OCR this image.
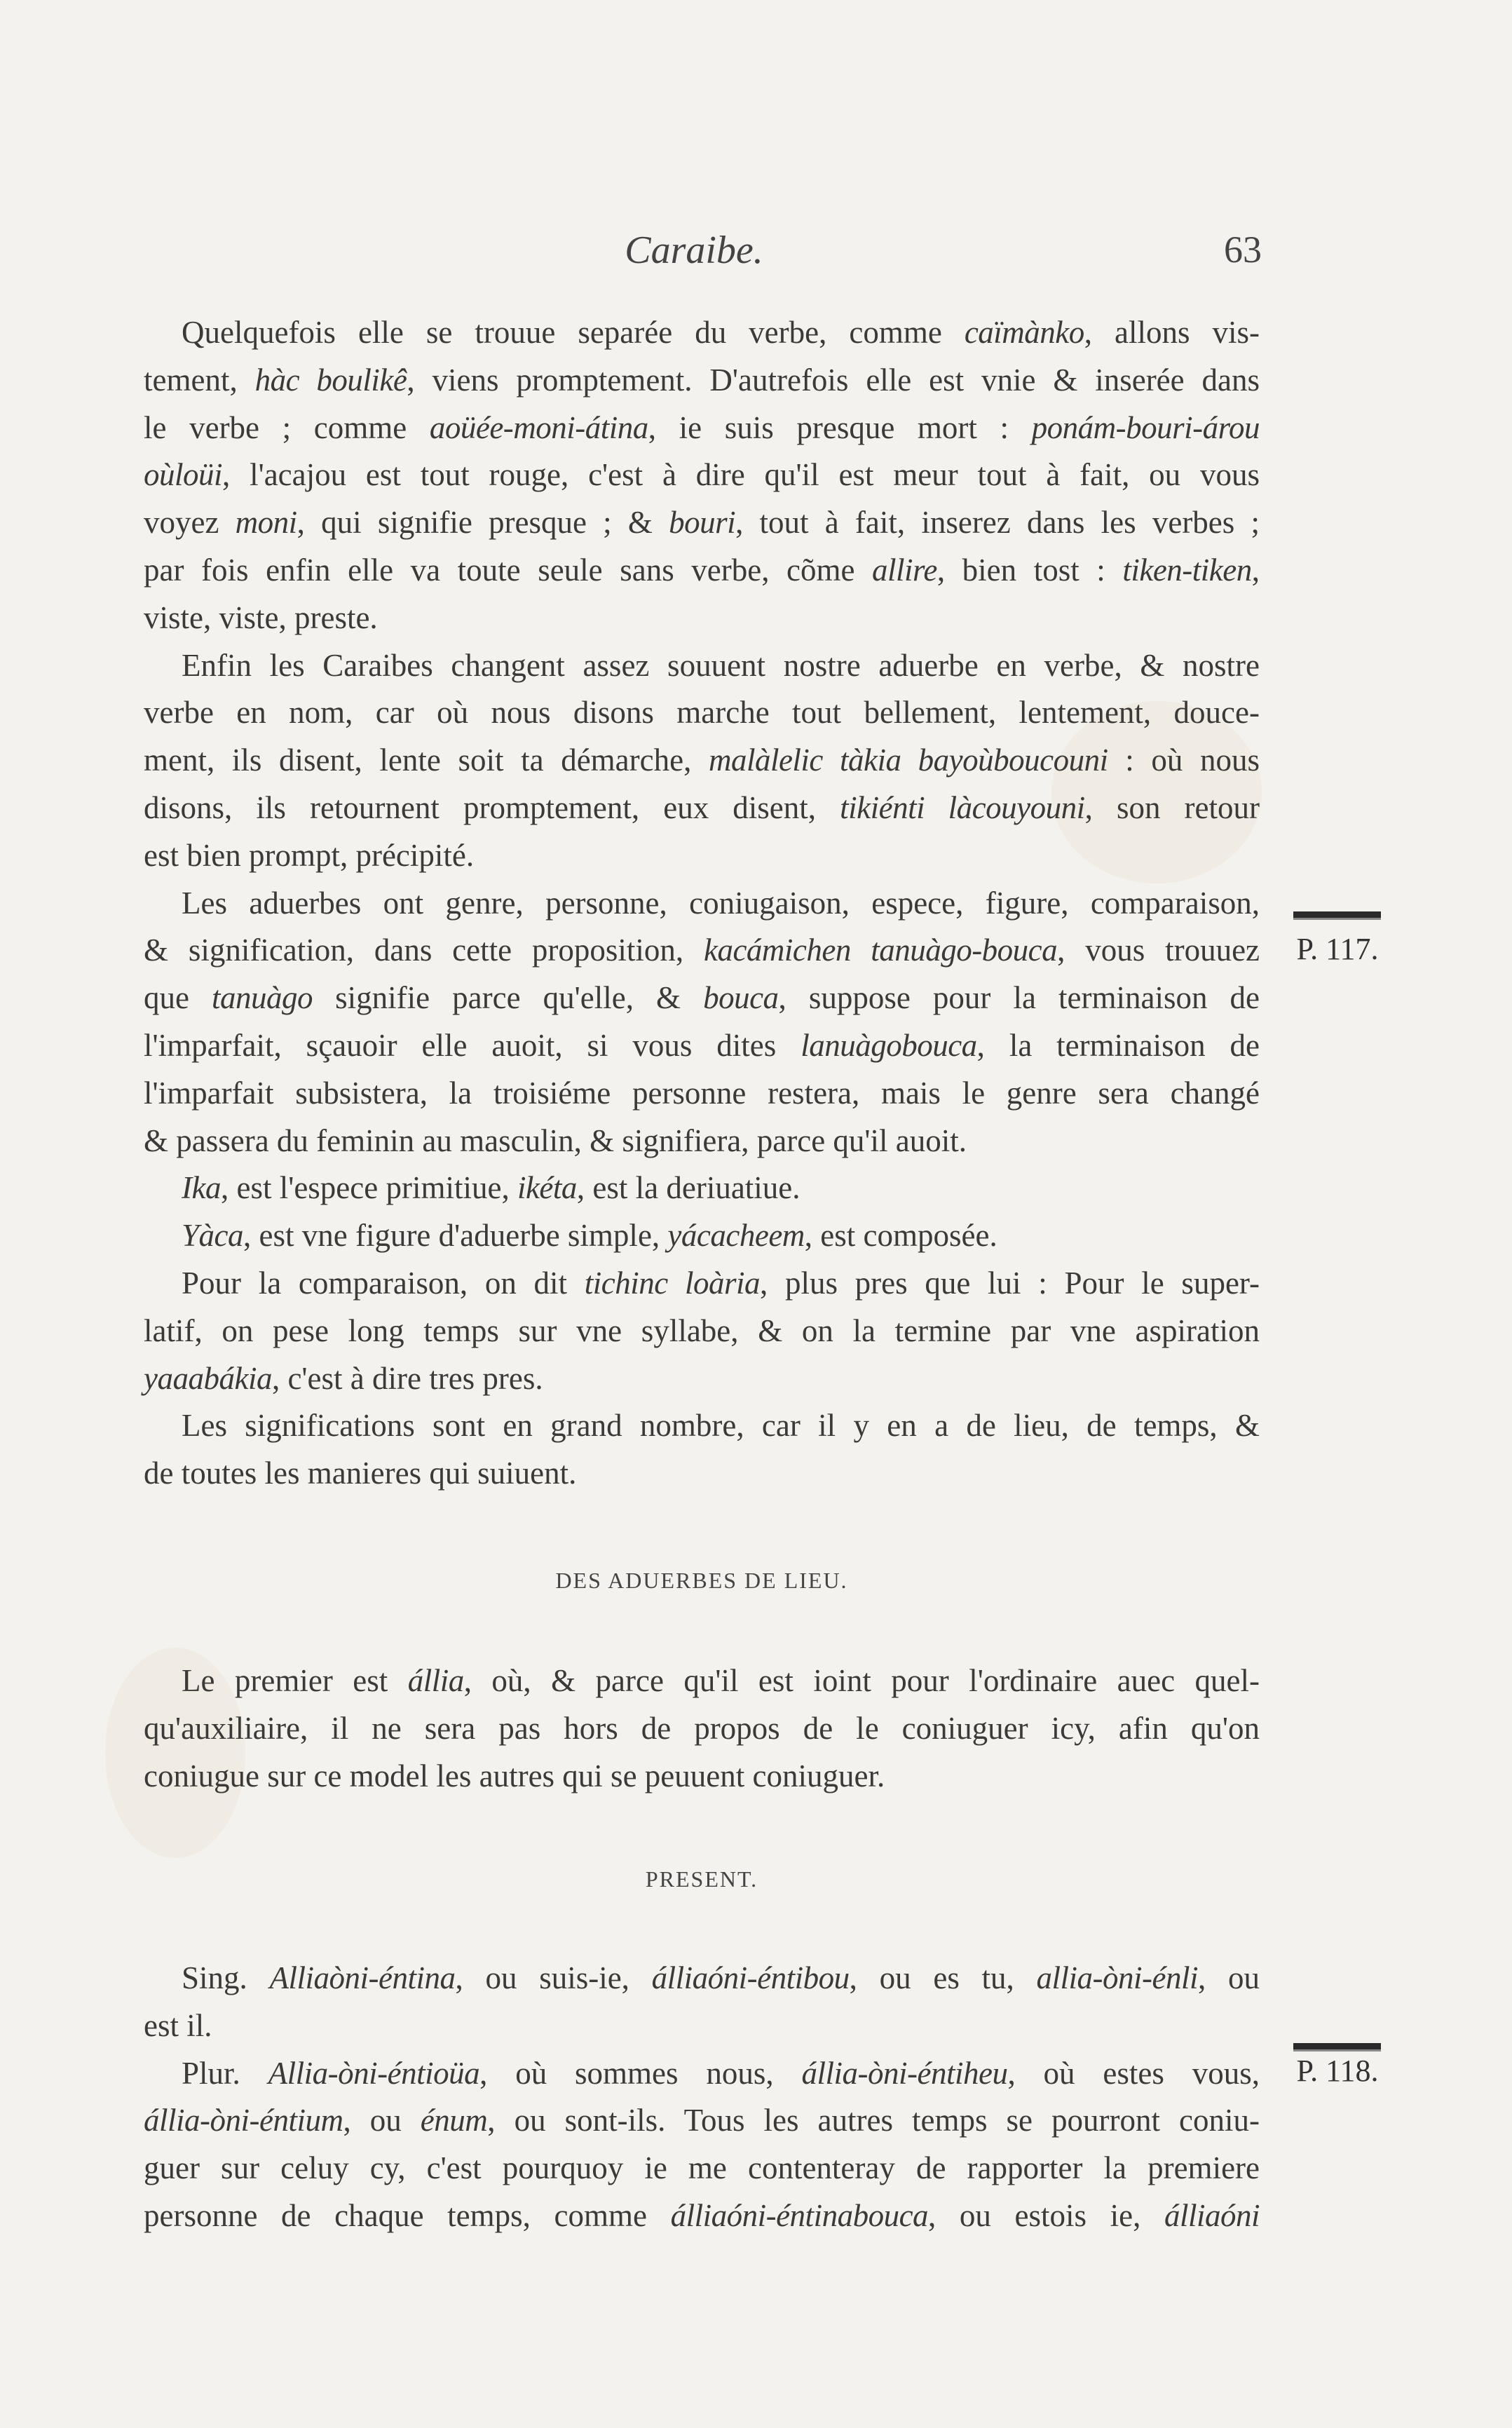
Caraibe.	63
Quelquefois elle se trouue separée du verbe, comme caïmànko, allons vis-
tement, hàc boulikê, viens promptement. D'autrefois elle est vnie & inserée dans
le verbe ; comme aoüée-moni-átina, ie suis presque mort : ponám-bouri-árou
oùloüi, l'acajou est tout rouge, c'est à dire qu'il est meur tout à fait, ou vous
voyez moni, qui signifie presque ; & bouri, tout à fait, inserez dans les verbes ;
par fois enfin elle va toute seule sans verbe, cõme allire, bien tost : tiken-tiken,
viste, viste, preste.
Enfin les Caraibes changent assez souuent nostre aduerbe en verbe, & nostre
verbe en nom, car où nous disons marche tout bellement, lentement, douce-
ment, ils disent, lente soit ta démarche, malàlelic tàkia bayoùboucouni : où nous
disons, ils retournent promptement, eux disent, tikiénti làcouyouni, son retour
est bien prompt, précipité.
Les aduerbes ont genre, personne, coniugaison, espece, figure, comparaison,
& signification, dans cette proposition, kacámichen tanuàgo-bouca, vous trouuez
que tanuàgo signifie parce qu'elle, & bouca, suppose pour la terminaison de
l'imparfait, sçauoir elle auoit, si vous dites lanuàgobouca, la terminaison de
l'imparfait subsistera, la troisiéme personne restera, mais le genre sera changé
& passera du feminin au masculin, & signifiera, parce qu'il auoit.
Ika, est l'espece primitiue, ikéta, est la deriuatiue.
Yàca, est vne figure d'aduerbe simple, yácacheem, est composée.
Pour la comparaison, on dit tichinc loària, plus pres que lui : Pour le super-
latif, on pese long temps sur vne syllabe, & on la termine par vne aspiration
yaaabákia, c'est à dire tres pres.
Les significations sont en grand nombre, car il y en a de lieu, de temps, &
de toutes les manieres qui suiuent.
DES ADUERBES DE LIEU.
Le premier est állia, où, & parce qu'il est ioint pour l'ordinaire auec quel-
qu'auxiliaire, il ne sera pas hors de propos de le coniuguer icy, afin qu'on
coniugue sur ce model les autres qui se peuuent coniuguer.
PRESENT.
Sing. Alliaòni-éntina, ou suis-ie, álliaóni-éntibou, ou es tu, allia-òni-énli, ou
est il.
Plur. Allia-òni-éntioüa, où sommes nous, állia-òni-éntiheu, où estes vous,
állia-òni-éntium, ou énum, ou sont-ils. Tous les autres temps se pourront coniu-
guer sur celuy cy, c'est pourquoy ie me contenteray de rapporter la premiere
personne de chaque temps, comme álliaóni-éntinabouca, ou estois ie, álliaóni
P. 117.
P. 118.
